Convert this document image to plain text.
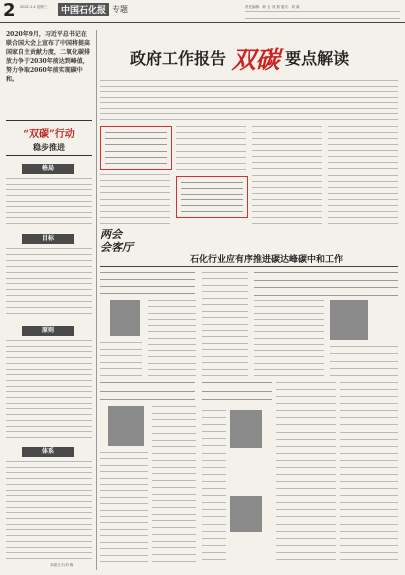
2 2022.1.4 星期三	中国石化报 专题	责任编辑：韩 玉 刘 燕 版式：刘 新
2020年9月，习近平总书记在联合国大会上宣布了中国将提高国家自主贡献力度，二氧化碳排放力争于2030年前达到峰值，努力争取2060年前实现碳中和。
“双碳”行动
稳步推进
格局
目标
原则
体系
本版文字/刘 梅
政府工作报告 双碳 要点解读
两会
会客厅
石化行业应有序推进碳达峰碳中和工作
